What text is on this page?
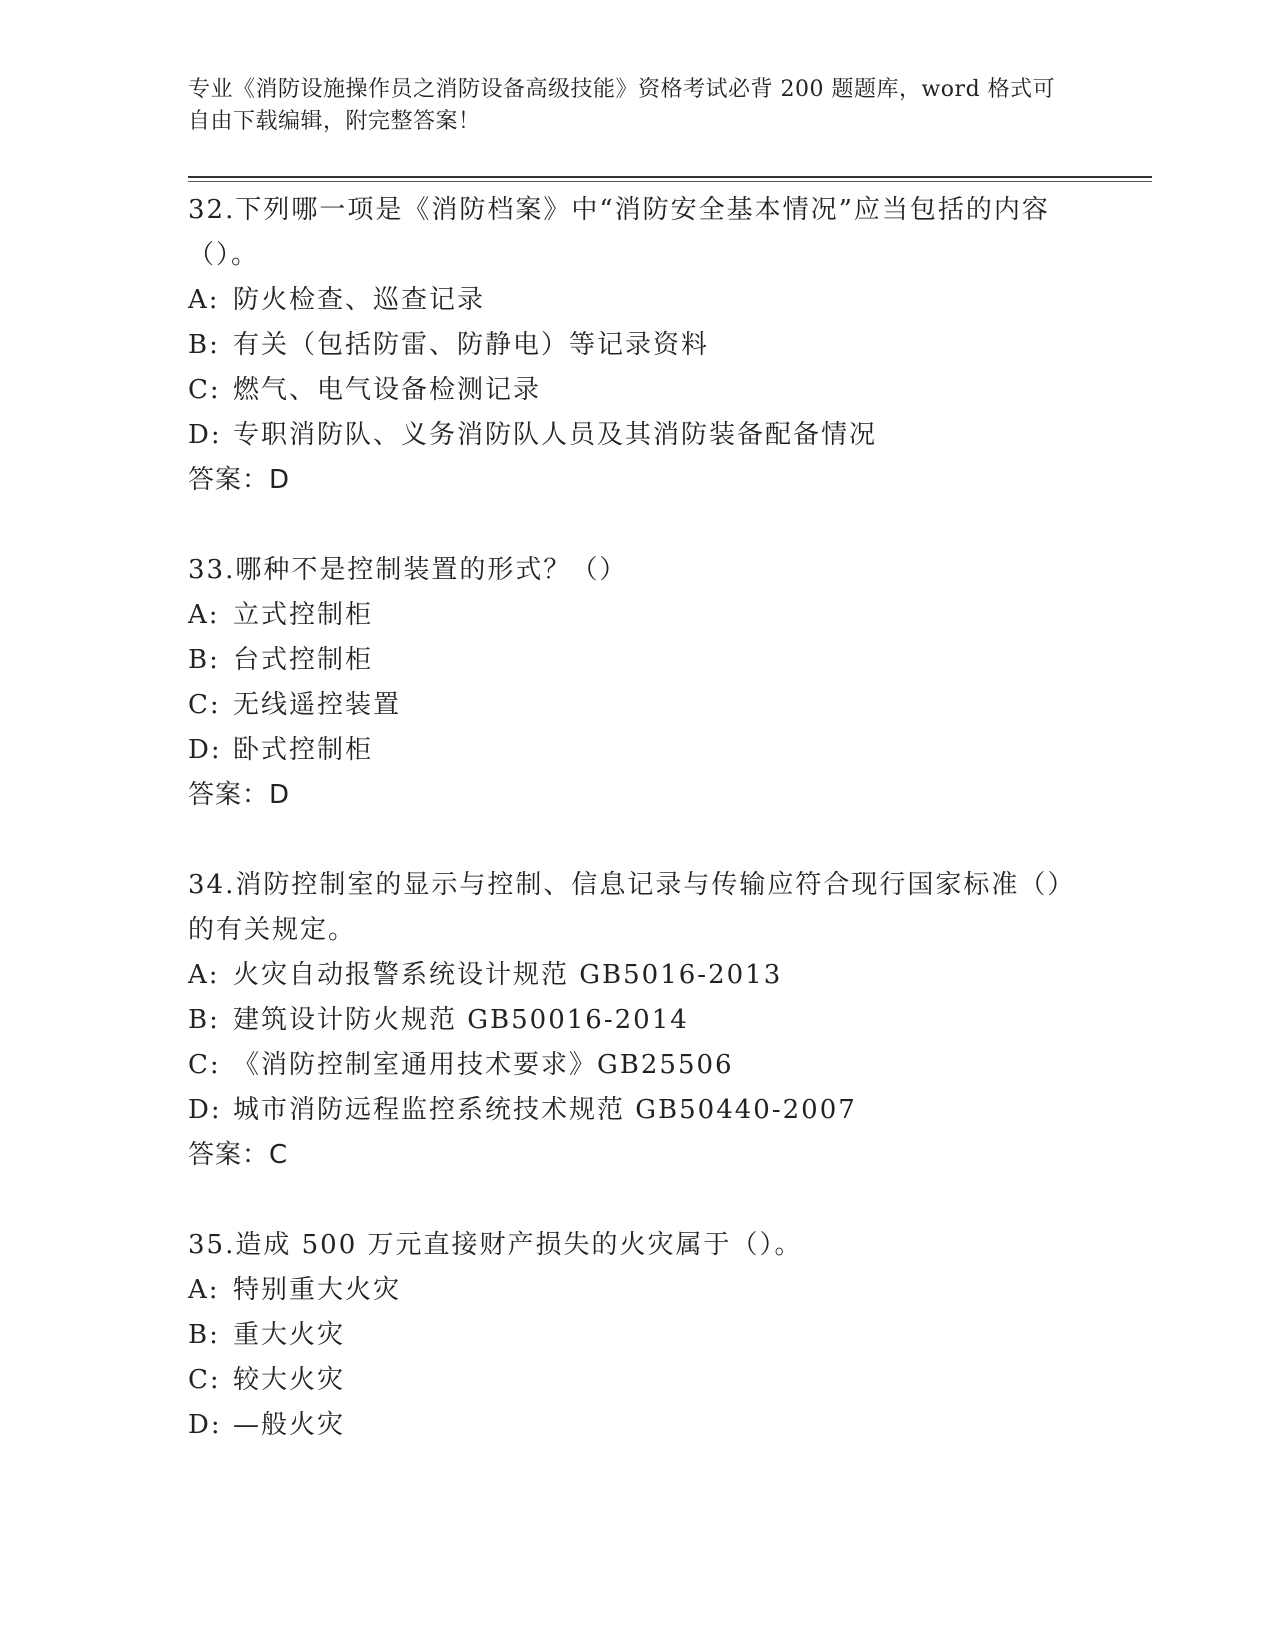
专业《消防设施操作员之消防设备高级技能》资格考试必背 200 题题库，word 格式可自由下载编辑，附完整答案！
32.下列哪一项是《消防档案》中“消防安全基本情况”应当包括的内容（）。
A: 防火检查、巡查记录
B: 有关（包括防雷、防静电）等记录资料
C: 燃气、电气设备检测记录
D: 专职消防队、义务消防队人员及其消防装备配备情况
答案：D
33.哪种不是控制装置的形式？（）
A: 立式控制柜
B: 台式控制柜
C: 无线遥控装置
D: 卧式控制柜
答案：D
34.消防控制室的显示与控制、信息记录与传输应符合现行国家标准（）的有关规定。
A: 火灾自动报警系统设计规范 GB5016-2013
B: 建筑设计防火规范 GB50016-2014
C: 《消防控制室通用技术要求》GB25506
D: 城市消防远程监控系统技术规范 GB50440-2007
答案：C
35.造成 500 万元直接财产损失的火灾属于（）。
A: 特别重大火灾
B: 重大火灾
C: 较大火灾
D: —般火灾
